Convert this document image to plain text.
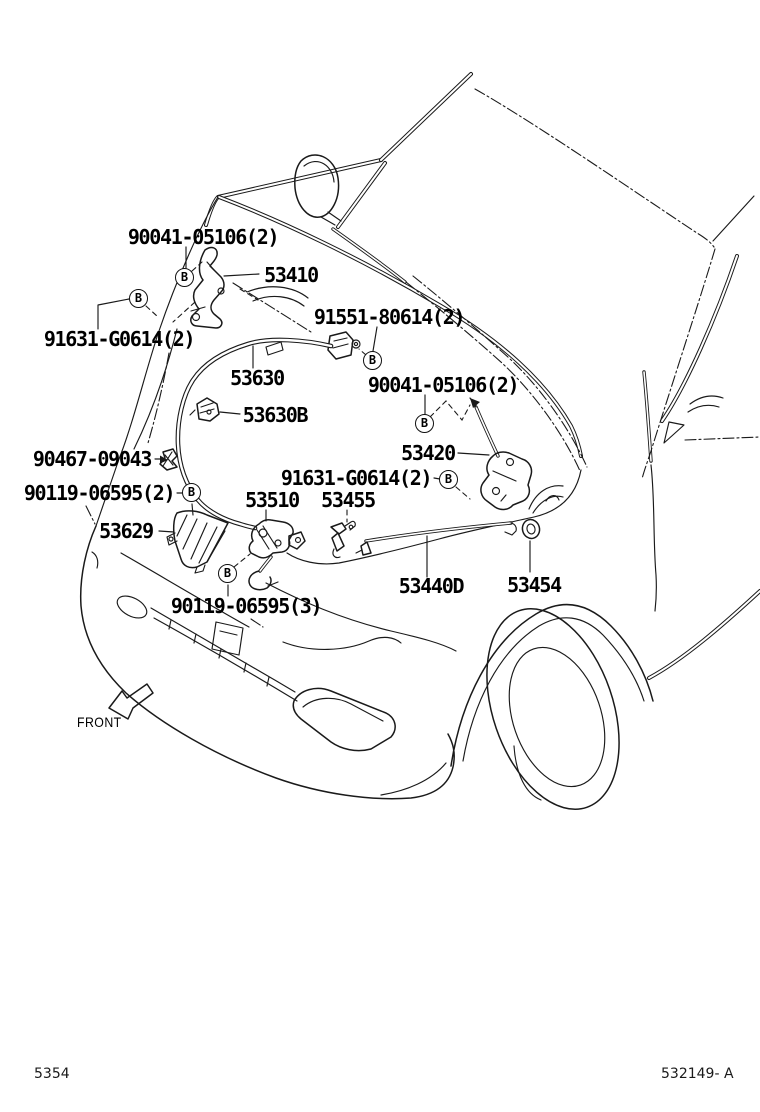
90041-05106(2)
53410
91551-80614(2)
91631-G0614(2)
53630	90041-05106(2)
53630B
53420
90467-09043
91631-G0614(2)
90119-06595(2)	53510 53455
53629
53440D 53454
90119-06595(3)
B
B
B
B
B
B
B
FRONT
5354	532149- A
